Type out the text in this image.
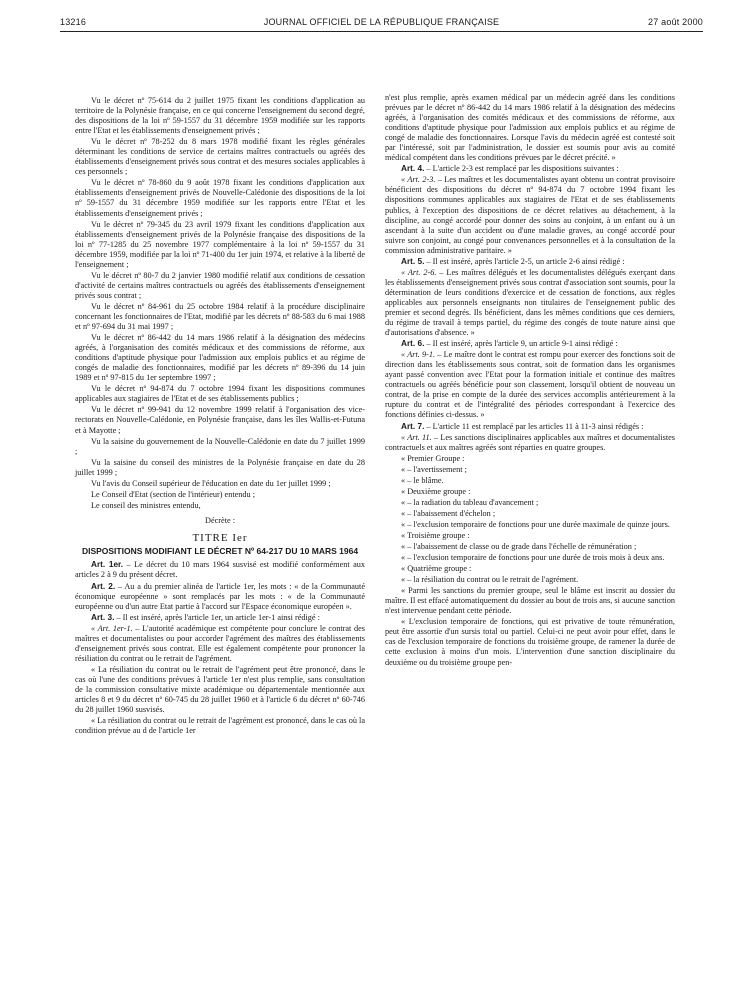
13216	JOURNAL OFFICIEL DE LA RÉPUBLIQUE FRANÇAISE	27 août 2000

Vu le décret nº 75-614 du 2 juillet 1975 fixant les conditions d'application au territoire de la Polynésie française, en ce qui concerne l'enseignement du second degré, des dispositions de la loi nº 59-1557 du 31 décembre 1959 modifiée sur les rapports entre l'Etat et les établissements d'enseignement privés ;

Vu le décret nº 78-252 du 8 mars 1978 modifié fixant les règles générales déterminant les conditions de service de certains maîtres contractuels ou agréés des établissements d'enseignement privés sous contrat et des mesures sociales applicables à ces personnels ;

Vu le décret nº 78-860 du 9 août 1978 fixant les conditions d'application aux établissements d'enseignement privés de Nouvelle-Calédonie des dispositions de la loi nº 59-1557 du 31 décembre 1959 modifiée sur les rapports entre l'Etat et les établissements d'enseignement privés ;

Vu le décret nº 79-345 du 23 avril 1979 fixant les conditions d'application aux établissements d'enseignement privés de la Polynésie française des dispositions de la loi nº 77-1285 du 25 novembre 1977 complémentaire à la loi nº 59-1557 du 31 décembre 1959, modifiée par la loi nº 71-400 du 1er juin 1974, et relative à la liberté de l'enseignement ;

Vu le décret nº 80-7 du 2 janvier 1980 modifié relatif aux conditions de cessation d'activité de certains maîtres contractuels ou agréés des établissements d'enseignement privés sous contrat ;

Vu le décret nº 84-961 du 25 octobre 1984 relatif à la procédure disciplinaire concernant les fonctionnaires de l'Etat, modifié par les décrets nº 88-583 du 6 mai 1988 et nº 97-694 du 31 mai 1997 ;

Vu le décret nº 86-442 du 14 mars 1986 relatif à la désignation des médecins agréés, à l'organisation des comités médicaux et des commissions de réforme, aux conditions d'aptitude physique pour l'admission aux emplois publics et au régime de congés de maladie des fonctionnaires, modifié par les décrets nº 89-396 du 14 juin 1989 et nº 97-815 du 1er septembre 1997 ;

Vu le décret nº 94-874 du 7 octobre 1994 fixant les dispositions communes applicables aux stagiaires de l'Etat et de ses établissements publics ;

Vu le décret nº 99-941 du 12 novembre 1999 relatif à l'organisation des vice-rectorats en Nouvelle-Calédonie, en Polynésie française, dans les îles Wallis-et-Futuna et à Mayotte ;

Vu la saisine du gouvernement de la Nouvelle-Calédonie en date du 7 juillet 1999 ;

Vu la saisine du conseil des ministres de la Polynésie française en date du 28 juillet 1999 ;

Vu l'avis du Conseil supérieur de l'éducation en date du 1er juillet 1999 ;

Le Conseil d'Etat (section de l'intérieur) entendu ;

Le conseil des ministres entendu,

Décrète :

TITRE Ier

DISPOSITIONS MODIFIANT LE DÉCRET Nº 64-217 DU 10 MARS 1964

Art. 1er. – Le décret du 10 mars 1964 susvisé est modifié conformément aux articles 2 à 9 du présent décret.

Art. 2. – Au a du premier alinéa de l'article 1er, les mots : « de la Communauté économique européenne » sont remplacés par les mots : « de la Communauté européenne ou d'un autre Etat partie à l'accord sur l'Espace économique européen ».

Art. 3. – Il est inséré, après l'article 1er, un article 1er-1 ainsi rédigé :

« Art. 1er-1. – L'autorité académique est compétente pour conclure le contrat des maîtres et documentalistes ou pour accorder l'agrément des maîtres des établissements d'enseignement privés sous contrat. Elle est également compétente pour prononcer la résiliation du contrat ou le retrait de l'agrément.

« La résiliation du contrat ou le retrait de l'agrément peut être prononcé, dans le cas où l'une des conditions prévues à l'article 1er n'est plus remplie, sans consultation de la commission consultative mixte académique ou départementale mentionnée aux articles 8 et 9 du décret nº 60-745 du 28 juillet 1960 et à l'article 6 du décret nº 60-746 du 28 juillet 1960 susvisés.

« La résiliation du contrat ou le retrait de l'agrément est prononcé, dans le cas où la condition prévue au d de l'article 1er

n'est plus remplie, après examen médical par un médecin agréé dans les conditions prévues par le décret nº 86-442 du 14 mars 1986 relatif à la désignation des médecins agréés, à l'organisation des comités médicaux et des commissions de réforme, aux conditions d'aptitude physique pour l'admission aux emplois publics et au régime de congé de maladie des fonctionnaires. Lorsque l'avis du médecin agréé est contesté soit par l'intéressé, soit par l'administration, le dossier est soumis pour avis au comité médical compétent dans les conditions prévues par le décret précité. »

Art. 4. – L'article 2-3 est remplacé par les dispositions suivantes :

« Art. 2-3. – Les maîtres et les documentalistes ayant obtenu un contrat provisoire bénéficient des dispositions du décret nº 94-874 du 7 octobre 1994 fixant les dispositions communes applicables aux stagiaires de l'Etat et de ses établissements publics, à l'exception des dispositions de ce décret relatives au détachement, à la discipline, au congé accordé pour donner des soins au conjoint, à un enfant ou à un ascendant à la suite d'un accident ou d'une maladie graves, au congé accordé pour suivre son conjoint, au congé pour convenances personnelles et à la consultation de la commission administrative paritaire. »

Art. 5. – Il est inséré, après l'article 2-5, un article 2-6 ainsi rédigé :

« Art. 2-6. – Les maîtres délégués et les documentalistes délégués exerçant dans les établissements d'enseignement privés sous contrat d'association sont soumis, pour la détermination de leurs conditions d'exercice et de cessation de fonctions, aux règles applicables aux personnels enseignants non titulaires de l'enseignement public des premier et second degrés. Ils bénéficient, dans les mêmes conditions que ces derniers, du régime de travail à temps partiel, du régime des congés de toute nature ainsi que d'autorisations d'absence. »

Art. 6. – Il est inséré, après l'article 9, un article 9-1 ainsi rédigé :

« Art. 9-1. – Le maître dont le contrat est rompu pour exercer des fonctions soit de direction dans les établissements sous contrat, soit de formation dans les organismes ayant passé convention avec l'Etat pour la formation initiale et continue des maîtres contractuels ou agréés bénéficie pour son classement, lorsqu'il obtient de nouveau un contrat, de la prise en compte de la durée des services accomplis antérieurement à la rupture du contrat et de l'intégralité des périodes correspondant à l'exercice des fonctions définies ci-dessus. »

Art. 7. – L'article 11 est remplacé par les articles 11 à 11-3 ainsi rédigés :

« Art. 11. – Les sanctions disciplinaires applicables aux maîtres et documentalistes contractuels et aux maîtres agréés sont réparties en quatre groupes.

« Premier Groupe :

« – l'avertissement ;

« – le blâme.

« Deuxième groupe :

« – la radiation du tableau d'avancement ;

« – l'abaissement d'échelon ;

« – l'exclusion temporaire de fonctions pour une durée maximale de quinze jours.

« Troisième groupe :

« – l'abaissement de classe ou de grade dans l'échelle de rémunération ;

« – l'exclusion temporaire de fonctions pour une durée de trois mois à deux ans.

« Quatrième groupe :

« – la résiliation du contrat ou le retrait de l'agrément.

« Parmi les sanctions du premier groupe, seul le blâme est inscrit au dossier du maître. Il est effacé automatiquement du dossier au bout de trois ans, si aucune sanction n'est intervenue pendant cette période.

« L'exclusion temporaire de fonctions, qui est privative de toute rémunération, peut être assortie d'un sursis total ou partiel. Celui-ci ne peut avoir pour effet, dans le cas de l'exclusion temporaire de fonctions du troisième groupe, de ramener la durée de cette exclusion à moins d'un mois. L'intervention d'une sanction disciplinaire du deuxième ou du troisième groupe pen-
